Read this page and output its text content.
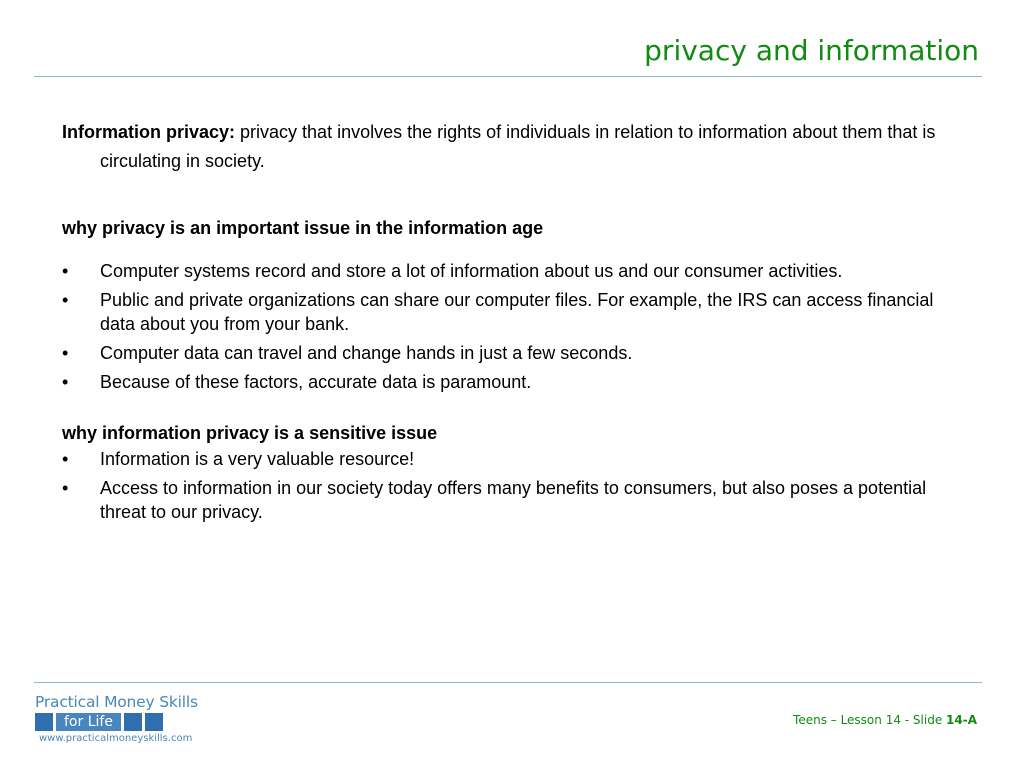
privacy and information

Information privacy: privacy that involves the rights of individuals in relation to information about them that is circulating in society.

why privacy is an important issue in the information age

• Computer systems record and store a lot of information about us and our consumer activities.
• Public and private organizations can share our computer files. For example, the IRS can access financial data about you from your bank.
• Computer data can travel and change hands in just a few seconds.
• Because of these factors, accurate data is paramount.

why information privacy is a sensitive issue

• Information is a very valuable resource!
• Access to information in our society today offers many benefits to consumers, but also poses a potential threat to our privacy.
Practical Money Skills
for Life
www.practicalmoneyskills.com
Teens – Lesson 14 - Slide 14-A
